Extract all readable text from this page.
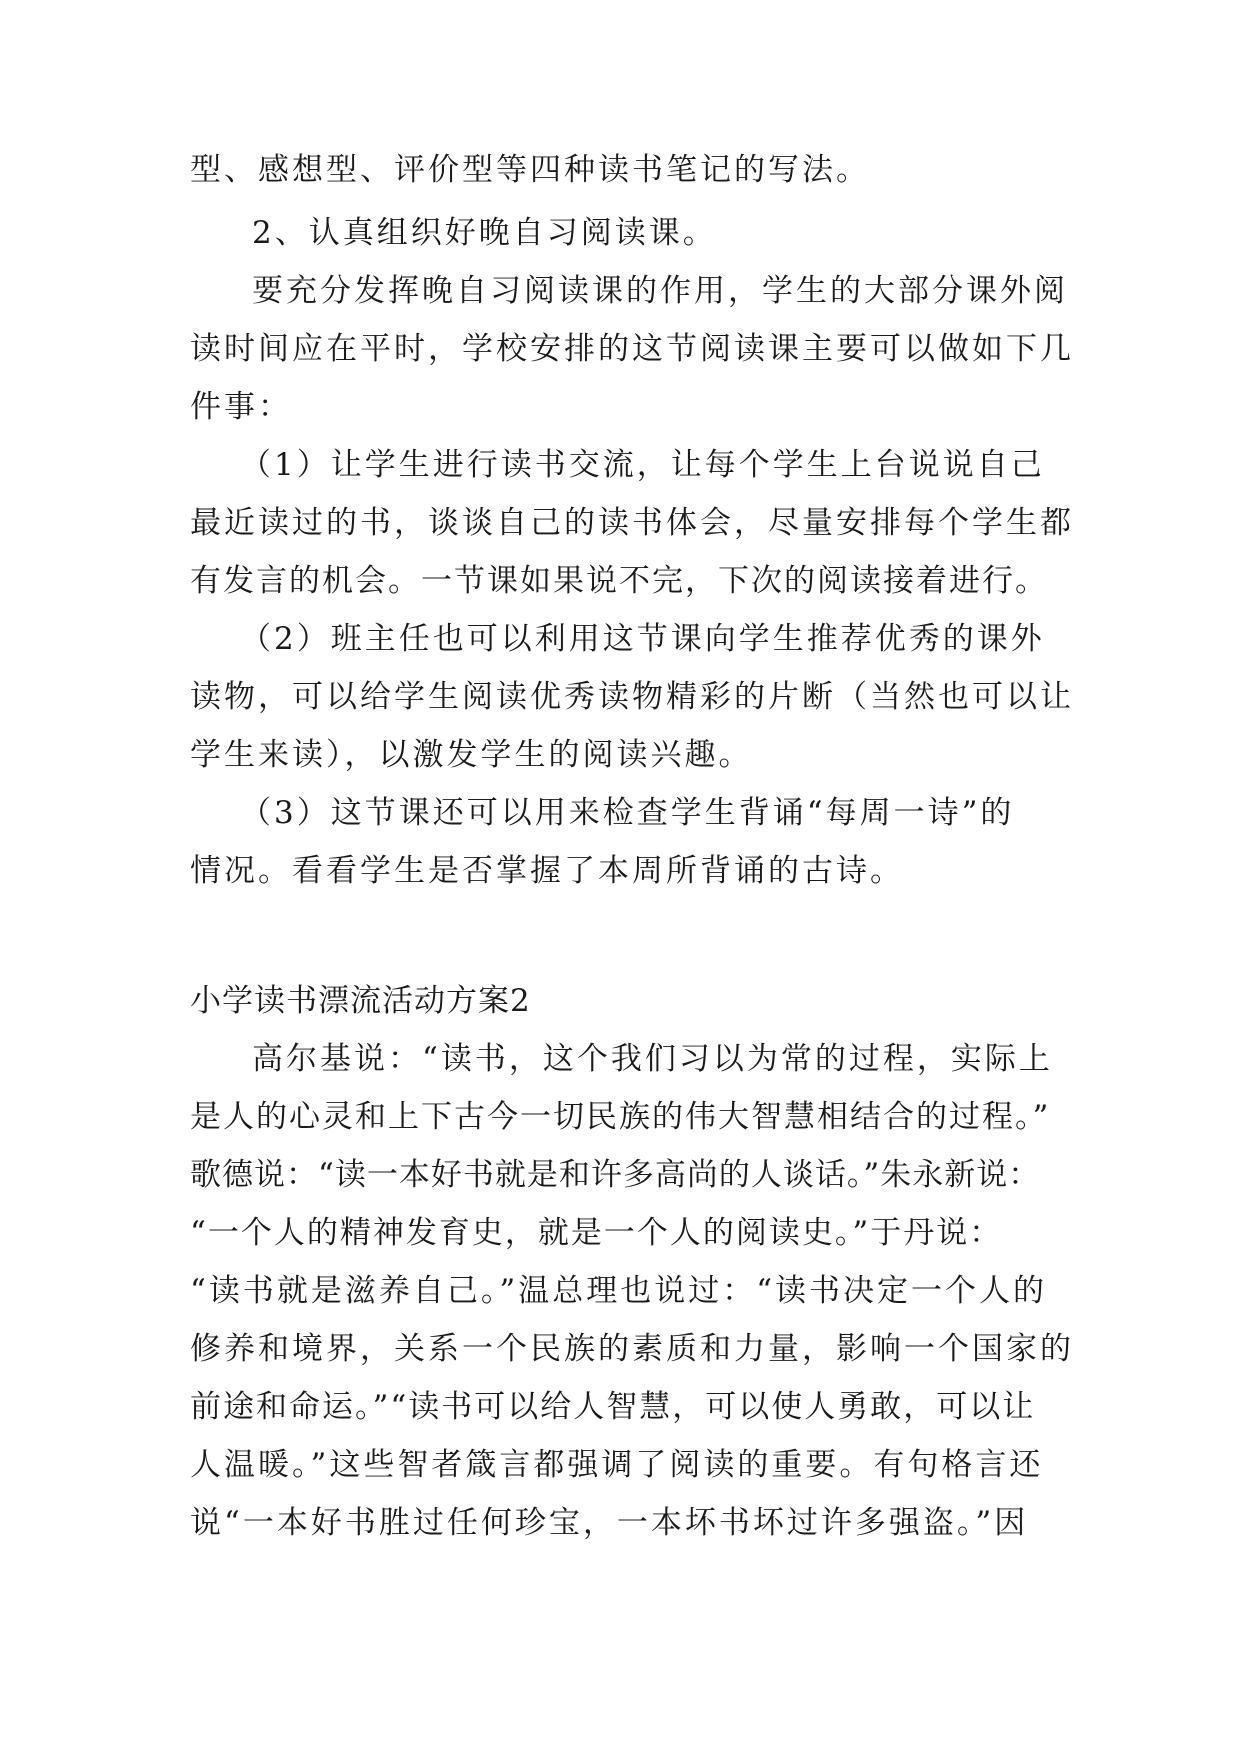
型、感想型、评价型等四种读书笔记的写法。
2、认真组织好晚自习阅读课。
要充分发挥晚自习阅读课的作用，学生的大部分课外阅
读时间应在平时，学校安排的这节阅读课主要可以做如下几
件事：
（1）让学生进行读书交流，让每个学生上台说说自己
最近读过的书，谈谈自己的读书体会，尽量安排每个学生都
有发言的机会。一节课如果说不完，下次的阅读接着进行。
（2）班主任也可以利用这节课向学生推荐优秀的课外
读物，可以给学生阅读优秀读物精彩的片断（当然也可以让
学生来读），以激发学生的阅读兴趣。
（3）这节课还可以用来检查学生背诵“每周一诗”的
情况。看看学生是否掌握了本周所背诵的古诗。
小学读书漂流活动方案2
高尔基说：“读书，这个我们习以为常的过程，实际上
是人的心灵和上下古今一切民族的伟大智慧相结合的过程。”
歌德说：“读一本好书就是和许多高尚的人谈话。”朱永新说：
“一个人的精神发育史，就是一个人的阅读史。”于丹说：
“读书就是滋养自己。”温总理也说过：“读书决定一个人的
修养和境界，关系一个民族的素质和力量，影响一个国家的
前途和命运。”“读书可以给人智慧，可以使人勇敢，可以让
人温暖。”这些智者箴言都强调了阅读的重要。有句格言还
说“一本好书胜过任何珍宝，一本坏书坏过许多强盗。”因
